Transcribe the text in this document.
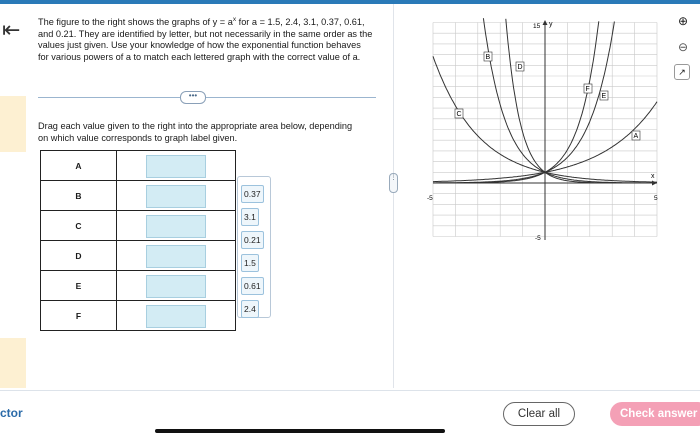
⇤ The figure to the right shows the graphs of $y = a^x$ for a = 1.5, 2.4, 3.1, 0.37, 0.61, and 0.21. They are identified by letter, but not necessarily in the same order as the values just given. Use your knowledge of how the exponential function behaves for various powers of a to match each lettered graph with the correct value of a.
•••
Drag each value given to the right into the appropriate area below, depending on which value corresponds to graph label given.
A	

B	

C	

D	

E	

F	
0.37
3.1
0.21
1.5
0.61
2.4
⋮
y
x
15
-5
-5	5
A
B
C
D
E
F
⊕
⊖
↗
ctor	Clear all	Check answer
